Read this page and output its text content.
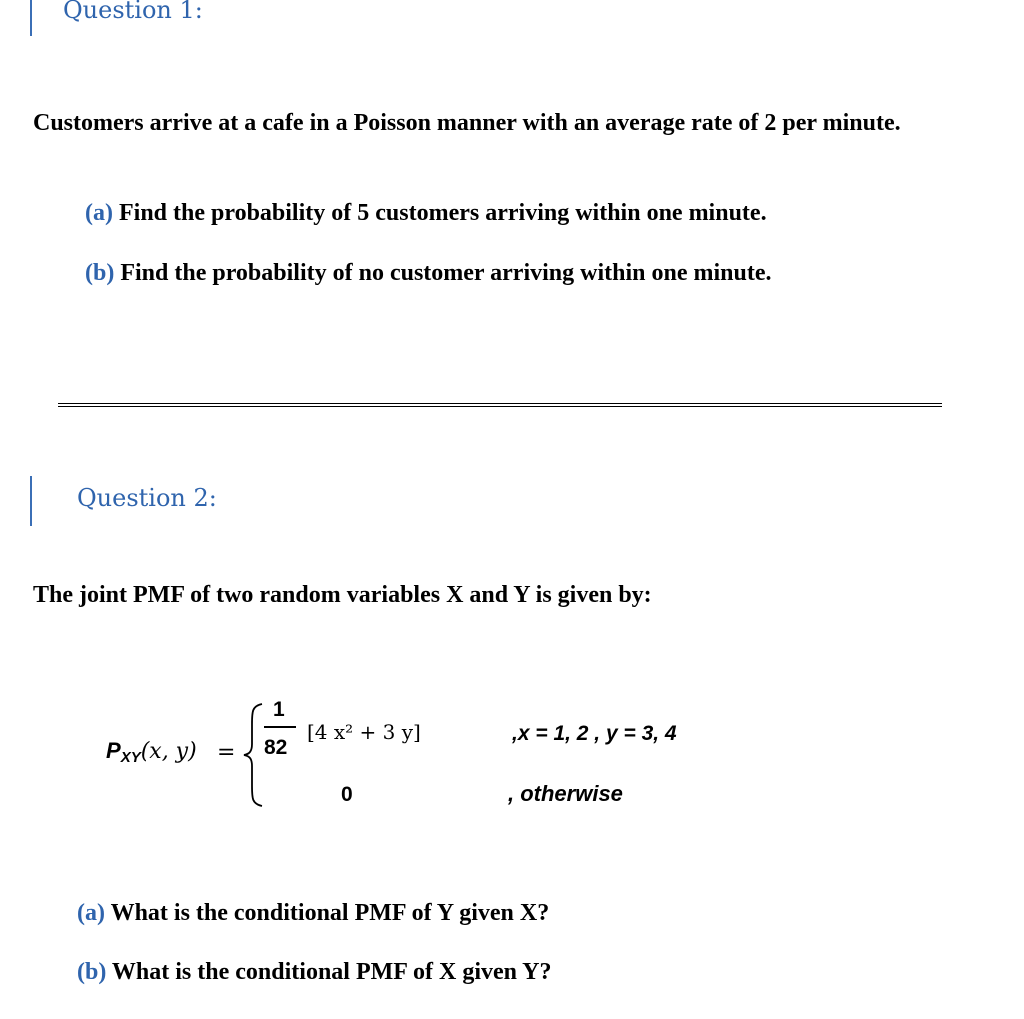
Question 1:
Customers arrive at a cafe in a Poisson manner with an average rate of 2 per minute.
(a) Find the probability of 5 customers arriving within one minute.
(b) Find the probability of no customer arriving within one minute.
Question 2:
The joint PMF of two random variables X and Y is given by:
$P_{XY}(x$, y) =
1
82
[4 x² + 3 y]	,x = 1, 2 , y = 3, 4
0	, otherwise
(a) What is the conditional PMF of Y given X?
(b) What is the conditional PMF of X given Y?
